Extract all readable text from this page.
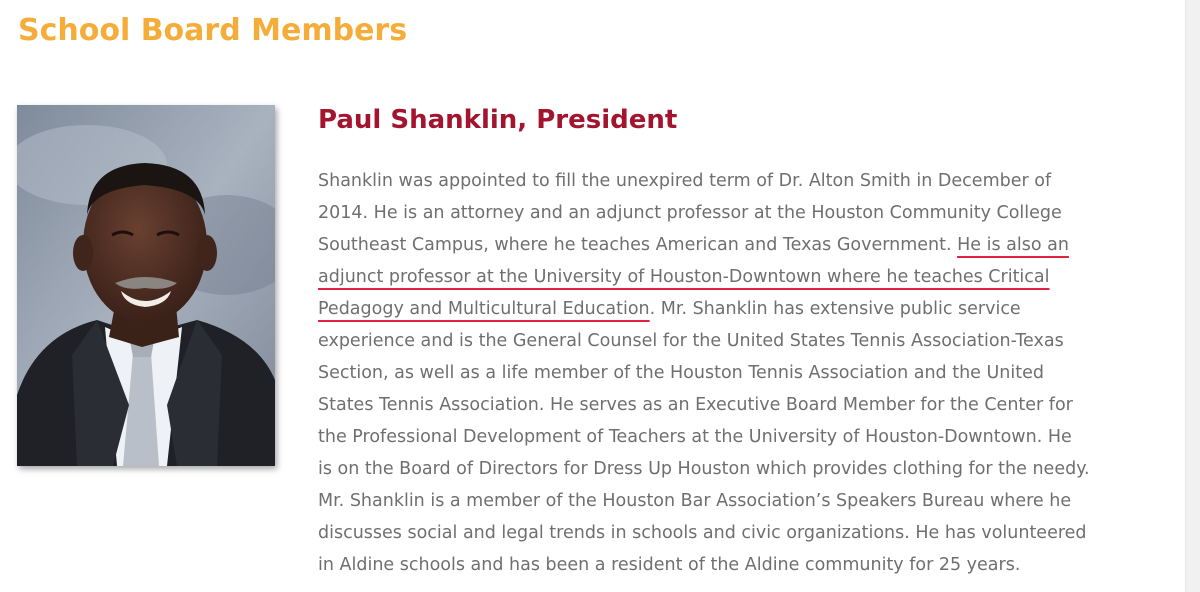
School Board Members
Paul Shanklin, President

Shanklin was appointed to fill the unexpired term of Dr. Alton Smith in December of
2014. He is an attorney and an adjunct professor at the Houston Community College
Southeast Campus, where he teaches American and Texas Government. He is also an
adjunct professor at the University of Houston-Downtown where he teaches Critical
Pedagogy and Multicultural Education. Mr. Shanklin has extensive public service
experience and is the General Counsel for the United States Tennis Association-Texas
Section, as well as a life member of the Houston Tennis Association and the United
States Tennis Association. He serves as an Executive Board Member for the Center for
the Professional Development of Teachers at the University of Houston-Downtown. He
is on the Board of Directors for Dress Up Houston which provides clothing for the needy.
Mr. Shanklin is a member of the Houston Bar Association’s Speakers Bureau where he
discusses social and legal trends in schools and civic organizations. He has volunteered
in Aldine schools and has been a resident of the Aldine community for 25 years.
